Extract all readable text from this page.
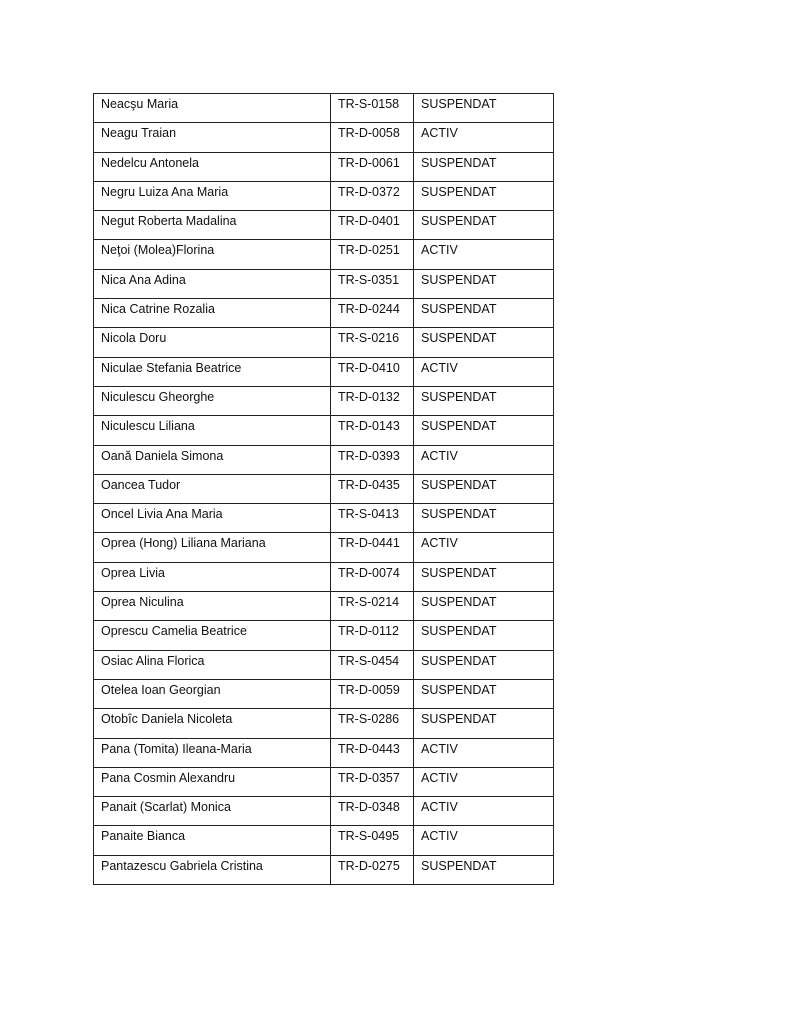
Neacşu Maria	TR-S-0158	SUSPENDAT
Neagu Traian	TR-D-0058	ACTIV
Nedelcu Antonela	TR-D-0061	SUSPENDAT
Negru Luiza Ana Maria	TR-D-0372	SUSPENDAT
Negut Roberta Madalina	TR-D-0401	SUSPENDAT
Neţoi (Molea)Florina	TR-D-0251	ACTIV
Nica Ana Adina	TR-S-0351	SUSPENDAT
Nica Catrine Rozalia	TR-D-0244	SUSPENDAT
Nicola Doru	TR-S-0216	SUSPENDAT
Niculae Stefania Beatrice	TR-D-0410	ACTIV
Niculescu Gheorghe	TR-D-0132	SUSPENDAT
Niculescu Liliana	TR-D-0143	SUSPENDAT
Oană Daniela Simona	TR-D-0393	ACTIV
Oancea Tudor	TR-D-0435	SUSPENDAT
Oncel Livia Ana Maria	TR-S-0413	SUSPENDAT
Oprea (Hong) Liliana Mariana	TR-D-0441	ACTIV
Oprea Livia	TR-D-0074	SUSPENDAT
Oprea Niculina	TR-S-0214	SUSPENDAT
Oprescu Camelia Beatrice	TR-D-0112	SUSPENDAT
Osiac Alina Florica	TR-S-0454	SUSPENDAT
Otelea Ioan Georgian	TR-D-0059	SUSPENDAT
Otobîc Daniela Nicoleta	TR-S-0286	SUSPENDAT
Pana (Tomita) Ileana-Maria	TR-D-0443	ACTIV
Pana Cosmin Alexandru	TR-D-0357	ACTIV
Panait (Scarlat) Monica	TR-D-0348	ACTIV
Panaite Bianca	TR-S-0495	ACTIV
Pantazescu Gabriela Cristina	TR-D-0275	SUSPENDAT
